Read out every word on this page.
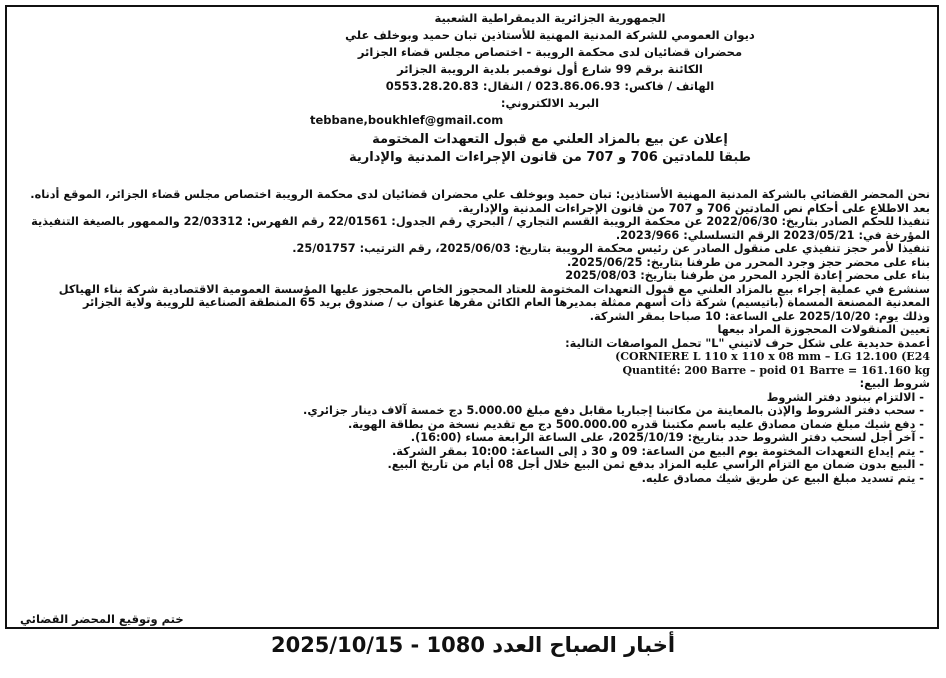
الجمهورية الجزائرية الديمقراطية الشعبية
ديوان العمومي للشركة المدنية المهنية للأستاذين تبان حميد وبوخلف علي
محضران قضائيان لدى محكمة الرويبة - اختصاص مجلس قضاء الجزائر
الكائنة برقم 99 شارع أول نوفمبر بلدية الرويبة الجزائر
الهاتف / فاكس: 023.86.06.93 / النقال: 0553.28.20.83
البريد الالكتروني:
tebbane,boukhlef@gmail.com
إعلان عن بيع بالمزاد العلني مع قبول التعهدات المختومة
طبقا للمادتين 706 و 707 من قانون الإجراءات المدنية والإدارية

نحن المحضر القضائي بالشركة المدنية المهنية الأستاذين: تبان حميد وبوخلف علي محضران قضائيان لدى محكمة الرويبة اختصاص مجلس قضاء الجزائر، الموقع أدناه.

بعد الاطلاع على أحكام نص المادتين 706 و 707 من قانون الإجراءات المدنية والإدارية.

تنفيذا للحكم الصادر بتاريخ: 2022/06/30 عن محكمة الرويبة القسم التجاري / البحري رقم الجدول: 22/01561 رقم الفهرس: 22/03312 والممهور بالصيغة التنفيذية المؤرخة في: 2023/05/21 الرقم التسلسلي: 2023/966.

تنفيذا لأمر حجز تنفيذي على منقول الصادر عن رئيس محكمة الرويبة بتاريخ: 2025/06/03، رقم الترتيب: 25/01757.

بناء على محضر حجز وجرد المحرر من طرفنا بتاريخ: 2025/06/25.

بناء على محضر إعادة الجرد المحرر من طرفنا بتاريخ: 2025/08/03

سنشرع في عملية إجراء بيع بالمزاد العلني مع قبول التعهدات المختومة للعتاد المحجوز الخاص بالمحجوز عليها المؤسسة العمومية الاقتصادية شركة بناء الهياكل المعدنية المصنعة المسماة (باتيسيم) شركة ذات أسهم ممثلة بمديرها العام الكائن مقرها عنوان ب / صندوق بريد 65 المنطقة الصناعية للرويبة ولاية الجزائر

وذلك يوم: 2025/10/20 على الساعة: 10 صباحا بمقر الشركة.

تعيين المنقولات المحجوزة المراد بيعها

أعمدة حديدية على شكل حرف لاتيني "L" تحمل المواصفات التالية:

(CORNIERE L 110 x 110 x 08 mm – LG 12.100 (E24

Quantité: 200 Barre – poid 01 Barre = 161.160 kg

شروط البيع:

- الالتزام ببنود دفتر الشروط
- سحب دفتر الشروط والإذن بالمعاينة من مكاتبنا إجباريا مقابل دفع مبلغ 5.000.00 دج خمسة آلاف دينار جزائري.
- دفع شيك مبلغ ضمان مصادق عليه باسم مكتبنا قدره 500.000.00 دج مع تقديم نسخة من بطاقة الهوية.
- آخر أجل لسحب دفتر الشروط حدد بتاريخ: 2025/10/19، على الساعة الرابعة مساء (16:00).
- يتم إيداع التعهدات المختومة يوم البيع من الساعة: 09 و 30 د إلى الساعة: 10:00 بمقر الشركة.
- البيع بدون ضمان مع التزام الراسي عليه المزاد بدفع ثمن البيع خلال أجل 08 أيام من تاريخ البيع.
- يتم تسديد مبلغ البيع عن طريق شيك مصادق عليه.
ختم وتوقيع المحضر القضائي
أخبار الصباح العدد 1080 - 2025/10/15
